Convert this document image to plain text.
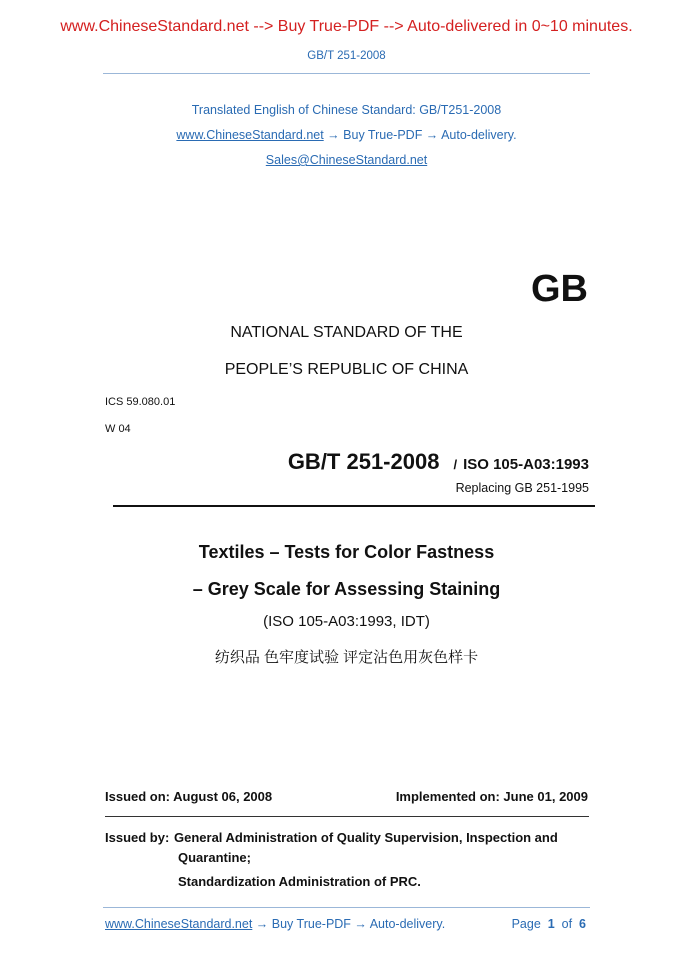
www.ChineseStandard.net --> Buy True-PDF --> Auto-delivered in 0~10 minutes.
GB/T 251-2008
Translated English of Chinese Standard: GB/T251-2008
www.ChineseStandard.net → Buy True-PDF → Auto-delivery.
Sales@ChineseStandard.net
GB
NATIONAL STANDARD OF THE
PEOPLE’S REPUBLIC OF CHINA
ICS 59.080.01
W 04
GB/T 251-2008 / ISO 105-A03:1993
Replacing GB 251-1995
Textiles – Tests for Color Fastness
– Grey Scale for Assessing Staining
(ISO 105-A03:1993, IDT)
纺织品 色牢度试验 评定沾色用灰色样卡
Issued on: August 06, 2008	Implemented on: June 01, 2009
Issued by: General Administration of Quality Supervision, Inspection and
Quarantine;
Standardization Administration of PRC.
www.ChineseStandard.net → Buy True-PDF → Auto-delivery.	Page 1 of 6
